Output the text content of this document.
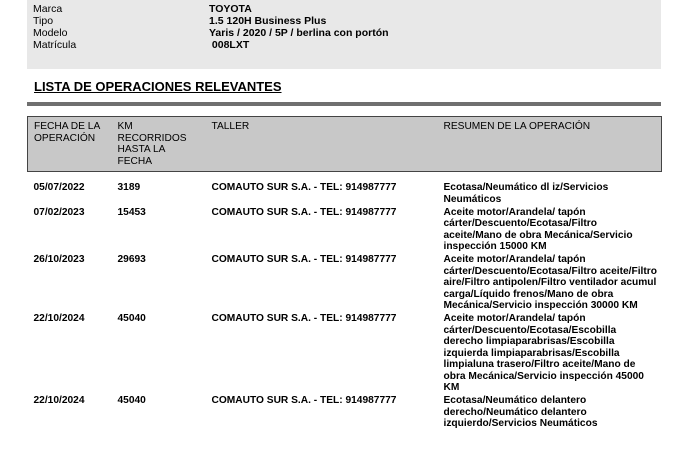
Marca	TOYOTA
Tipo	1.5 120H Business Plus
Modelo	Yaris / 2020 / 5P / berlina con portón
Matrícula	008LXT
LISTA DE OPERACIONES RELEVANTES
FECHA DE LA OPERACIÓN	KM RECORRIDOS HASTA LA FECHA	TALLER	RESUMEN DE LA OPERACIÓN
05/07/2022	3189	COMAUTO SUR S.A. - TEL: 914987777	Ecotasa/Neumático dl iz/Servicios Neumáticos
07/02/2023	15453	COMAUTO SUR S.A. - TEL: 914987777	Aceite motor/Arandela/ tapón cárter/Descuento/Ecotasa/Filtro aceite/Mano de obra Mecánica/Servicio inspección 15000 KM
26/10/2023	29693	COMAUTO SUR S.A. - TEL: 914987777	Aceite motor/Arandela/ tapón cárter/Descuento/Ecotasa/Filtro aceite/Filtro aire/Filtro antipolen/Filtro ventilador acumul carga/Líquido frenos/Mano de obra Mecánica/Servicio inspección 30000 KM
22/10/2024	45040	COMAUTO SUR S.A. - TEL: 914987777	Aceite motor/Arandela/ tapón cárter/Descuento/Ecotasa/Escobilla derecho limpiaparabrisas/Escobilla izquierda limpiaparabrisas/Escobilla limpialuna trasero/Filtro aceite/Mano de obra Mecánica/Servicio inspección 45000 KM
22/10/2024	45040	COMAUTO SUR S.A. - TEL: 914987777	Ecotasa/Neumático delantero derecho/Neumático delantero izquierdo/Servicios Neumáticos
